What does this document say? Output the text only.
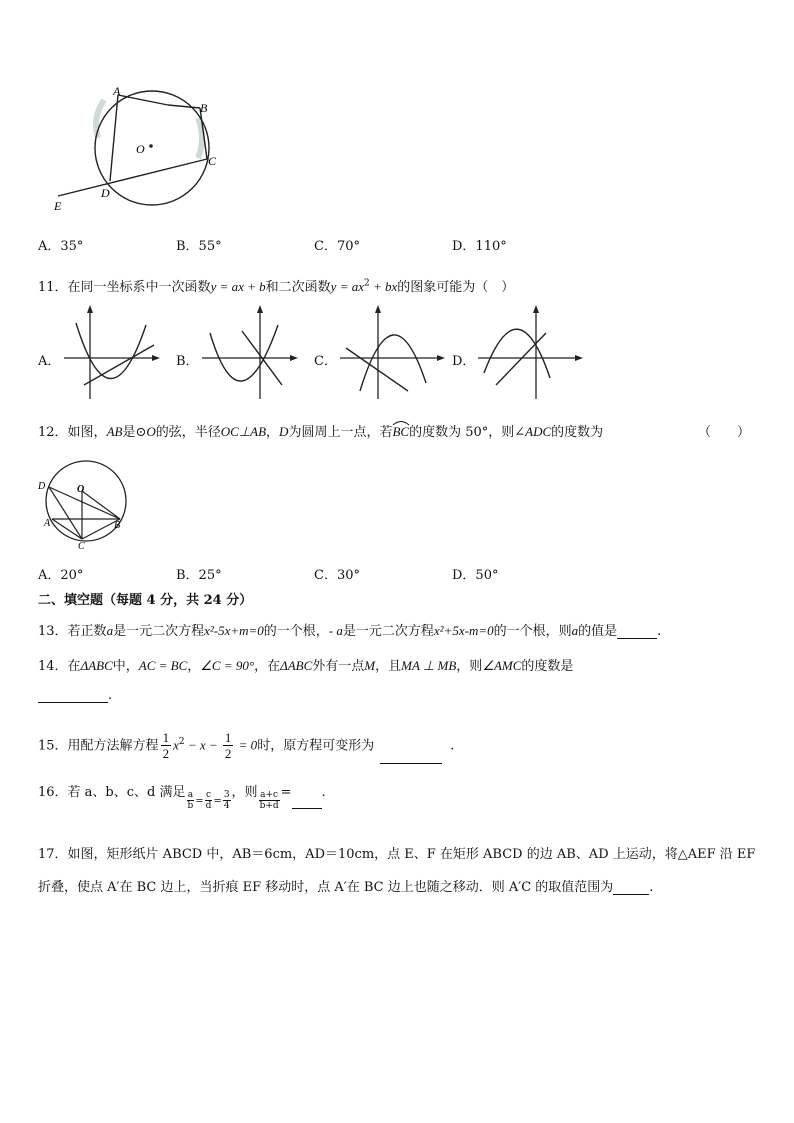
A
B
C
D
E
O
A．35°	B．55°	C．70°	D．110°
11．在同一坐标系中一次函数y = ax + b和二次函数$y = ax^2$ + bx的图象可能为（　）
A．	B．	C．	D．
12．如图，AB是⊙O的弦，半径OC⊥AB，D为圆周上一点，若BC
的度数为 50°，则∠ADC的度数为	（　　）
D	O
A	B
C
A．20°	B．25°	C．30°	D．50°
二、填空题（每题 4 分，共 24 分）
13．若正数a是一元二次方程x²-5x+m=0的一个根，- a是一元二次方程x²+5x-m=0的一个根，则a的值是	.
14．在ΔABC中，AC = BC，∠C = 90°，在ΔABC外有一点M，且MA ⊥ MB，则∠AMC的度数是
.
15．用配方法解方程 $\frac{1}{2} x^2 - x - \frac{1}{2} = 0$时，原方程可变形为	.
16．若 a、b、c、d 满足 $\frac{a}{b} _= \frac{c}{d} _= \frac{3}{4}$ ，则 $\frac{a+c}{b+d}$ = .
17．如图，矩形纸片 ABCD 中，AB＝6cm，AD＝10cm，点 E、F 在矩形 ABCD 的边 AB、AD 上运动，将△AEF 沿 EF
折叠，使点 A′在 BC 边上，当折痕 EF 移动时，点 A′在 BC 边上也随之移动．则 A′C 的取值范围为	.
